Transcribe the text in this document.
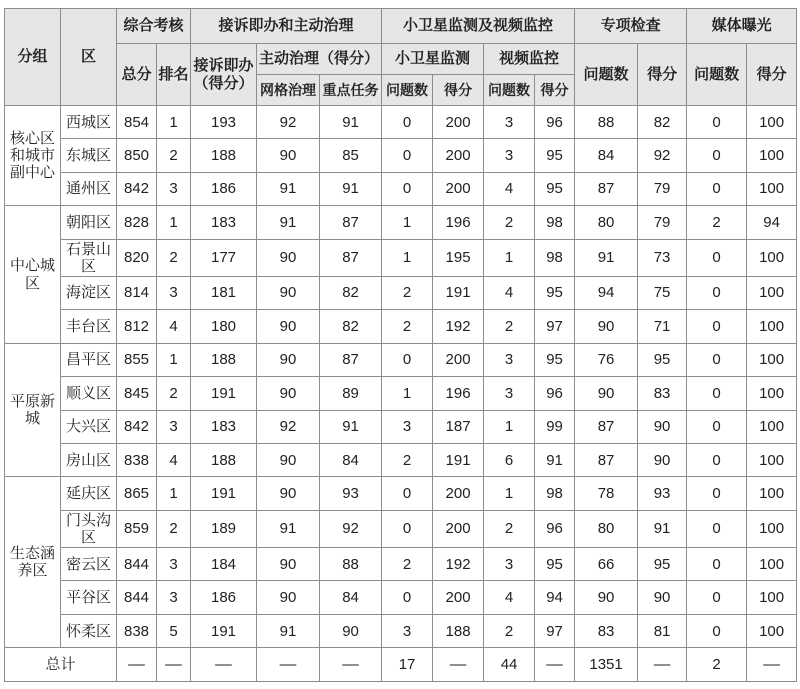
分组	区	综合考核		接诉即办和主动治理			小卫星监测及视频监控				专项检查		媒体曝光	
		总分	排名	接诉即办（得分）	主动治理（得分）		小卫星监测		视频监控		问题数	得分	问题数	得分
					网格治理	重点任务	问题数	得分	问题数	得分				
核心区和城市副中心	西城区	854	1	193	92	91	0	200	3	96	88	82	0	100
	东城区	850	2	188	90	85	0	200	3	95	84	92	0	100
	通州区	842	3	186	91	91	0	200	4	95	87	79	0	100
中心城区	朝阳区	828	1	183	91	87	1	196	2	98	80	79	2	94
	石景山区	820	2	177	90	87	1	195	1	98	91	73	0	100
	海淀区	814	3	181	90	82	2	191	4	95	94	75	0	100
	丰台区	812	4	180	90	82	2	192	2	97	90	71	0	100
平原新城	昌平区	855	1	188	90	87	0	200	3	95	76	95	0	100
	顺义区	845	2	191	90	89	1	196	3	96	90	83	0	100
	大兴区	842	3	183	92	91	3	187	1	99	87	90	0	100
	房山区	838	4	188	90	84	2	191	6	91	87	90	0	100
生态涵养区	延庆区	865	1	191	90	93	0	200	1	98	78	93	0	100
	门头沟区	859	2	189	91	92	0	200	2	96	80	91	0	100
	密云区	844	3	184	90	88	2	192	3	95	66	95	0	100
	平谷区	844	3	186	90	84	0	200	4	94	90	90	0	100
	怀柔区	838	5	191	91	90	3	188	2	97	83	81	0	100
总计		––	––	––	––	––	17	––	44	––	1351	––	2	––
